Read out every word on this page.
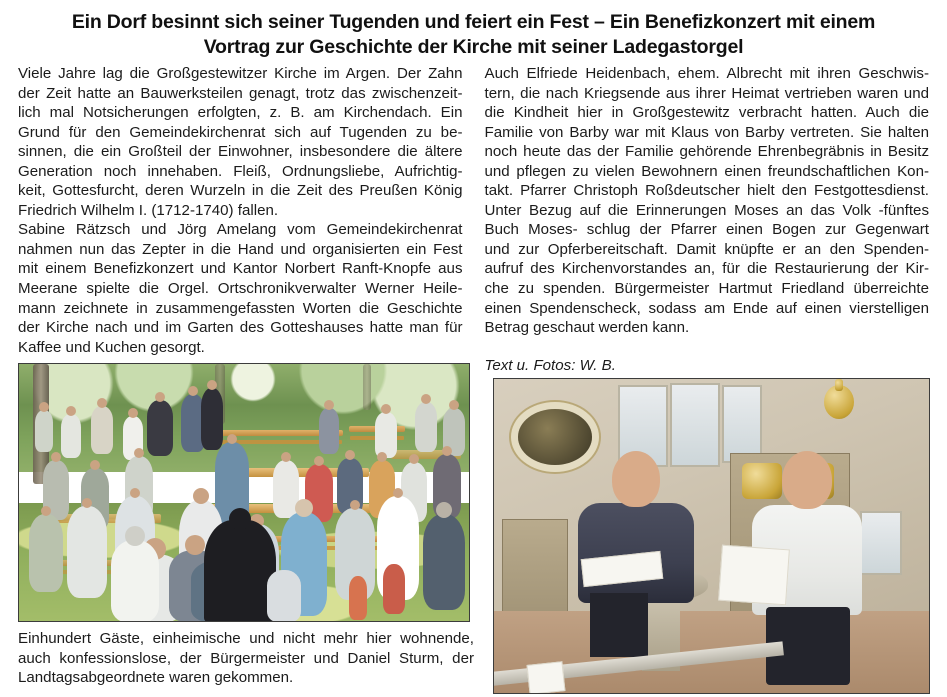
Ein Dorf besinnt sich seiner Tugenden und feiert ein Fest – Ein Benefizkonzert mit einem
Vortrag zur Geschichte der Kirche mit seiner Ladegastorgel

Viele Jahre lag die Großgestewitzer Kirche im Argen. Der Zahn
der Zeit hatte an Bauwerksteilen genagt, trotz das zwischenzeit-
lich mal Notsicherungen erfolgten, z. B. am Kirchendach. Ein
Grund für den Gemeindekirchenrat sich auf Tugenden zu be-
sinnen, die ein Großteil der Einwohner, insbesondere die ältere
Generation noch innehaben. Fleiß, Ordnungsliebe, Aufrichtig-
keit, Gottesfurcht, deren Wurzeln in die Zeit des Preußen König
Friedrich Wilhelm I. (1712-1740) fallen.

Sabine Rätzsch und Jörg Amelang vom Gemeindekirchenrat
nahmen nun das Zepter in die Hand und organisierten ein Fest
mit einem Benefizkonzert und Kantor Norbert Ranft-Knopfe aus
Meerane spielte die Orgel. Ortschronikverwalter Werner Heile-
mann zeichnete in zusammengefassten Worten die Geschichte
der Kirche nach und im Garten des Gotteshauses hatte man für
Kaffee und Kuchen gesorgt.

Auch Elfriede Heidenbach, ehem. Albrecht mit ihren Geschwis-
tern, die nach Kriegsende aus ihrer Heimat vertrieben waren und
die Kindheit hier in Großgestewitz verbracht hatten. Auch die
Familie von Barby war mit Klaus von Barby vertreten. Sie halten
noch heute das der Familie gehörende Ehrenbegräbnis in Besitz
und pflegen zu vielen Bewohnern einen freundschaftlichen Kon-
takt. Pfarrer Christoph Roßdeutscher hielt den Festgottesdienst.
Unter Bezug auf die Erinnerungen Moses an das Volk -fünftes
Buch Moses- schlug der Pfarrer einen Bogen zur Gegenwart
und zur Opferbereitschaft. Damit knüpfte er an den Spenden-
aufruf des Kirchenvorstandes an, für die Restaurierung der Kir-
che zu spenden. Bürgermeister Hartmut Friedland überreichte
einen Spendenscheck, sodass am Ende auf einen vierstelligen
Betrag geschaut werden kann.

Text u. Fotos: W. B.
Einhundert Gäste, einheimische und nicht mehr hier wohnende,
auch konfessionslose, der Bürgermeister und Daniel Sturm, der
Landtagsabgeordnete waren gekommen.
